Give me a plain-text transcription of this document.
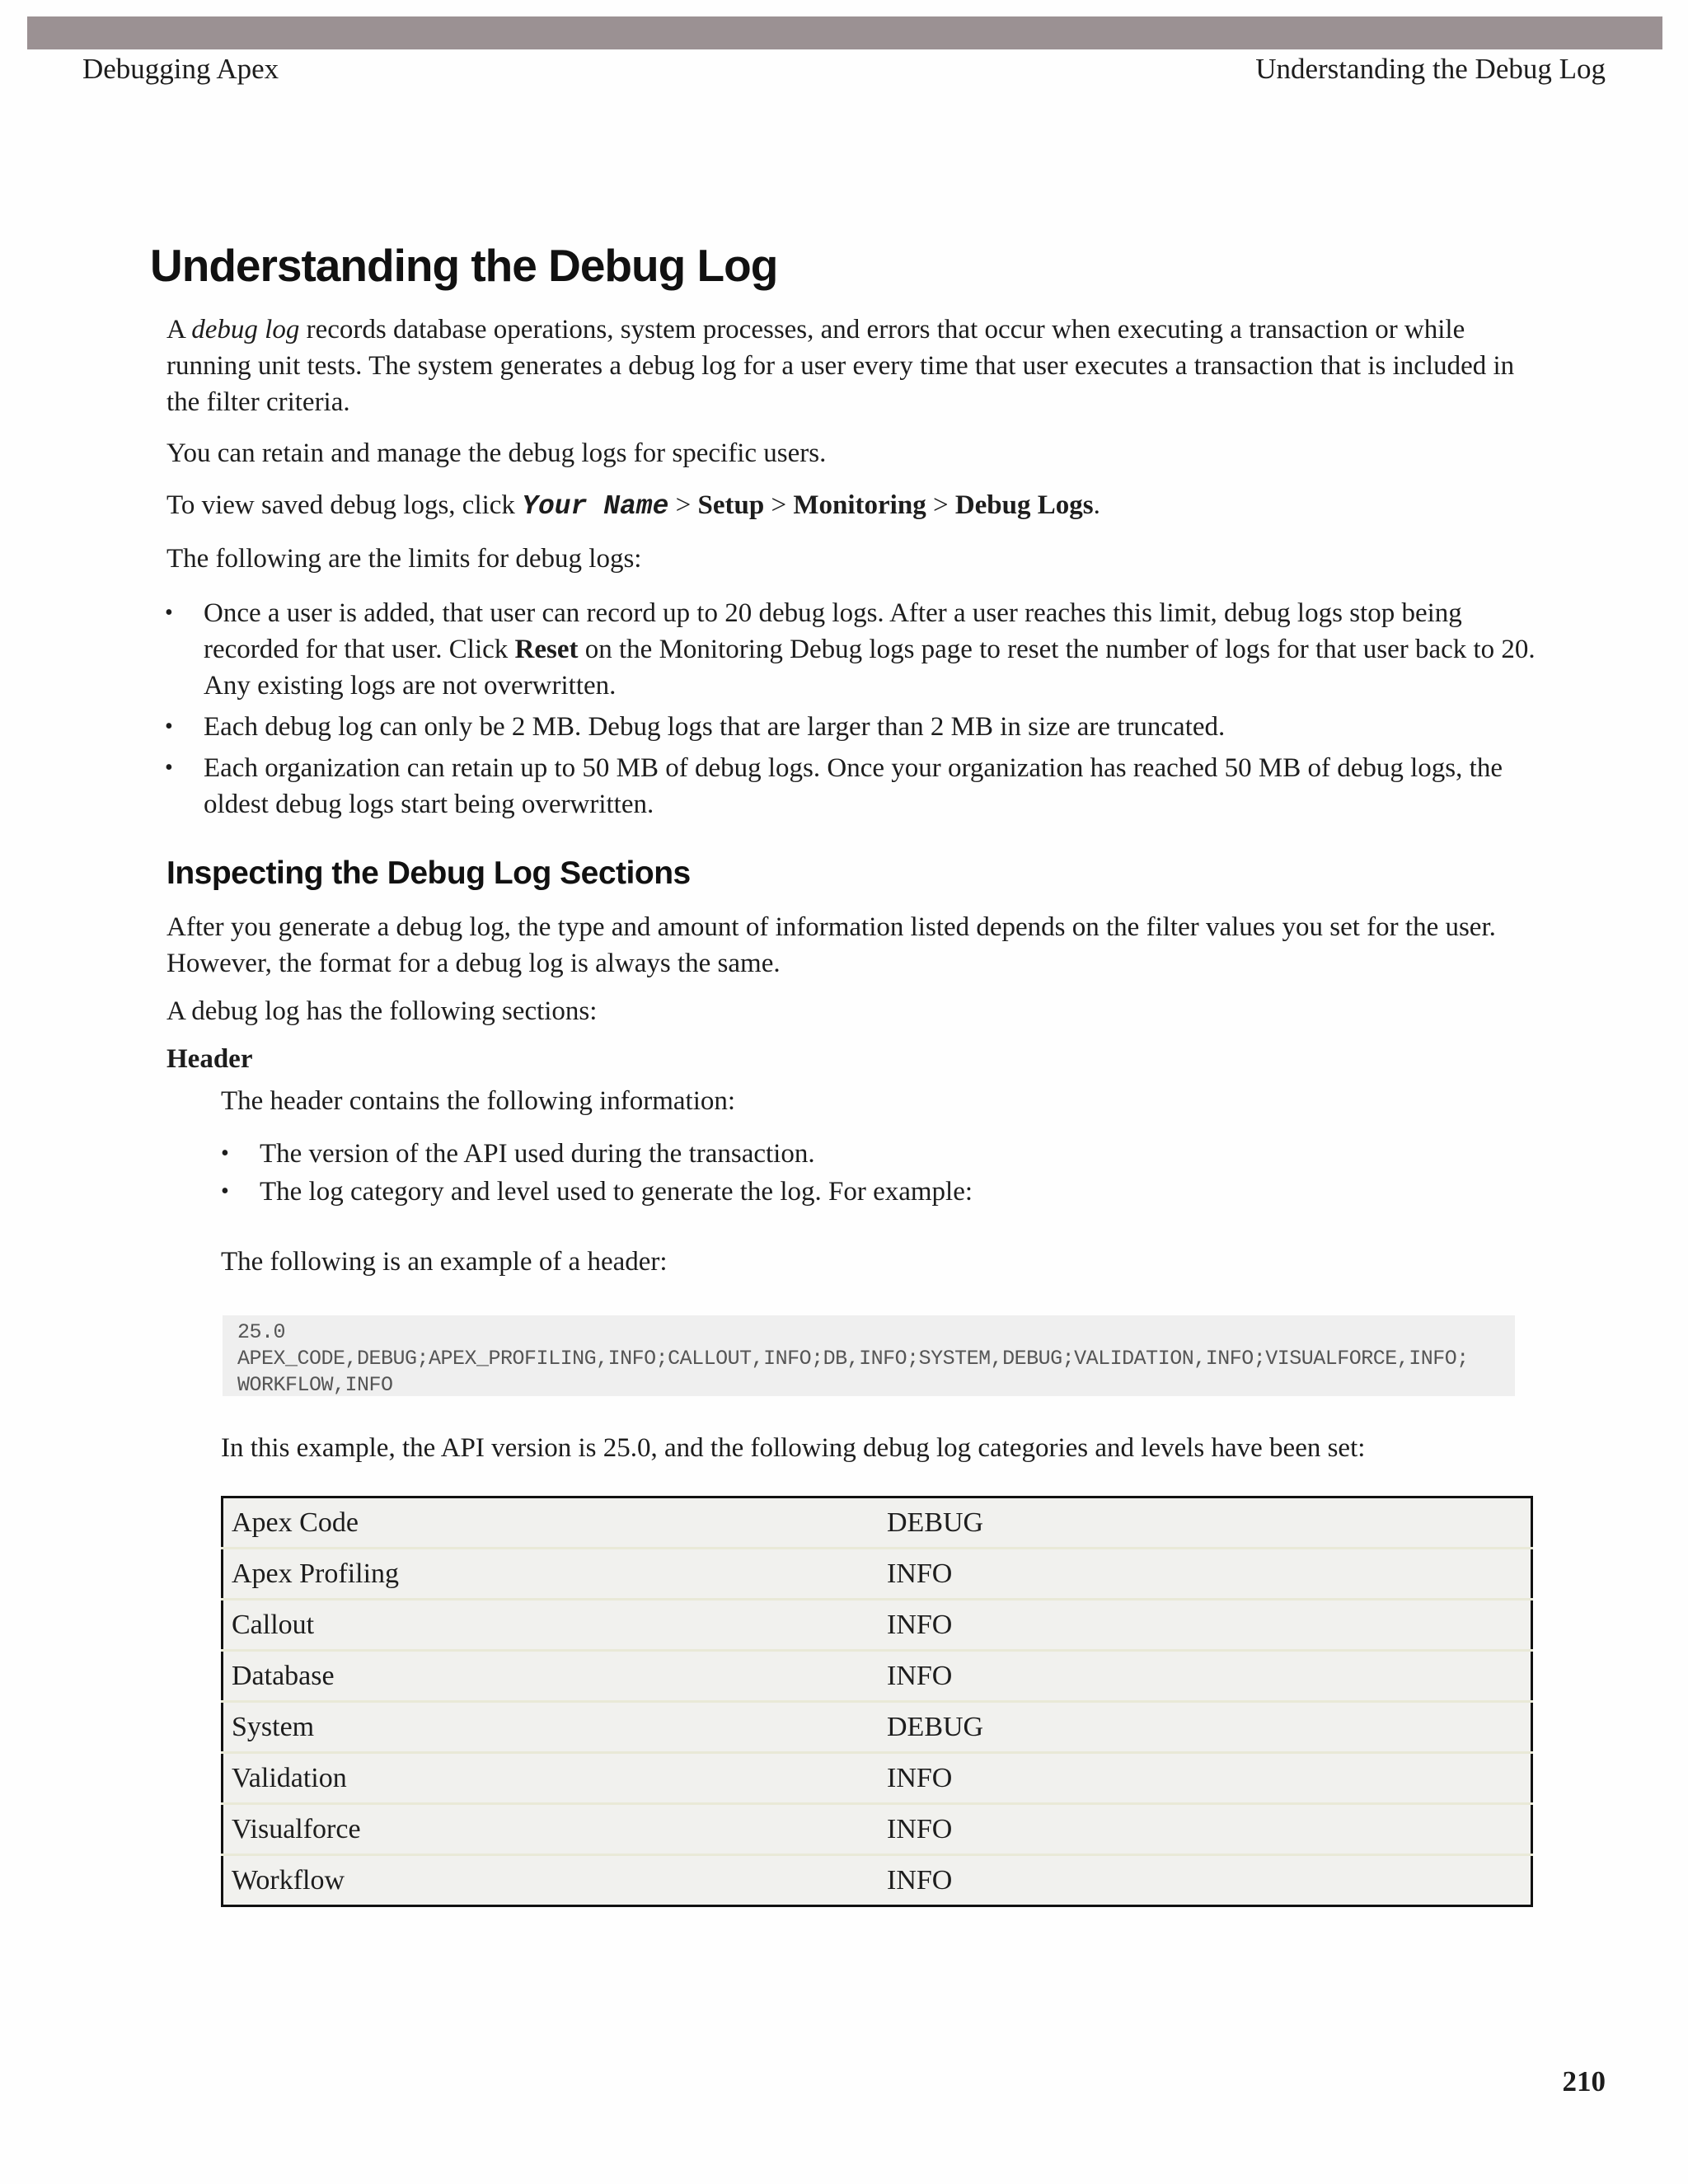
Debugging Apex	Understanding the Debug Log
Understanding the Debug Log

A debug log records database operations, system processes, and errors that occur when executing a transaction or while running unit tests. The system generates a debug log for a user every time that user executes a transaction that is included in the filter criteria.

You can retain and manage the debug logs for specific users.

To view saved debug logs, click Your Name > Setup > Monitoring > Debug Logs.

The following are the limits for debug logs:

• Once a user is added, that user can record up to 20 debug logs. After a user reaches this limit, debug logs stop being recorded for that user. Click Reset on the Monitoring Debug logs page to reset the number of logs for that user back to 20. Any existing logs are not overwritten.
• Each debug log can only be 2 MB. Debug logs that are larger than 2 MB in size are truncated.
• Each organization can retain up to 50 MB of debug logs. Once your organization has reached 50 MB of debug logs, the oldest debug logs start being overwritten.
Inspecting the Debug Log Sections

After you generate a debug log, the type and amount of information listed depends on the filter values you set for the user. However, the format for a debug log is always the same.

A debug log has the following sections:

Header

The header contains the following information:

• The version of the API used during the transaction.
• The log category and level used to generate the log. For example:

The following is an example of a header:

25.0
APEX_CODE,DEBUG;APEX_PROFILING,INFO;CALLOUT,INFO;DB,INFO;SYSTEM,DEBUG;VALIDATION,INFO;VISUALFORCE,INFO;
WORKFLOW,INFO

In this example, the API version is 25.0, and the following debug log categories and levels have been set:

Apex Code	DEBUG
Apex Profiling	INFO
Callout	INFO
Database	INFO
System	DEBUG
Validation	INFO
Visualforce	INFO
Workflow	INFO
210
